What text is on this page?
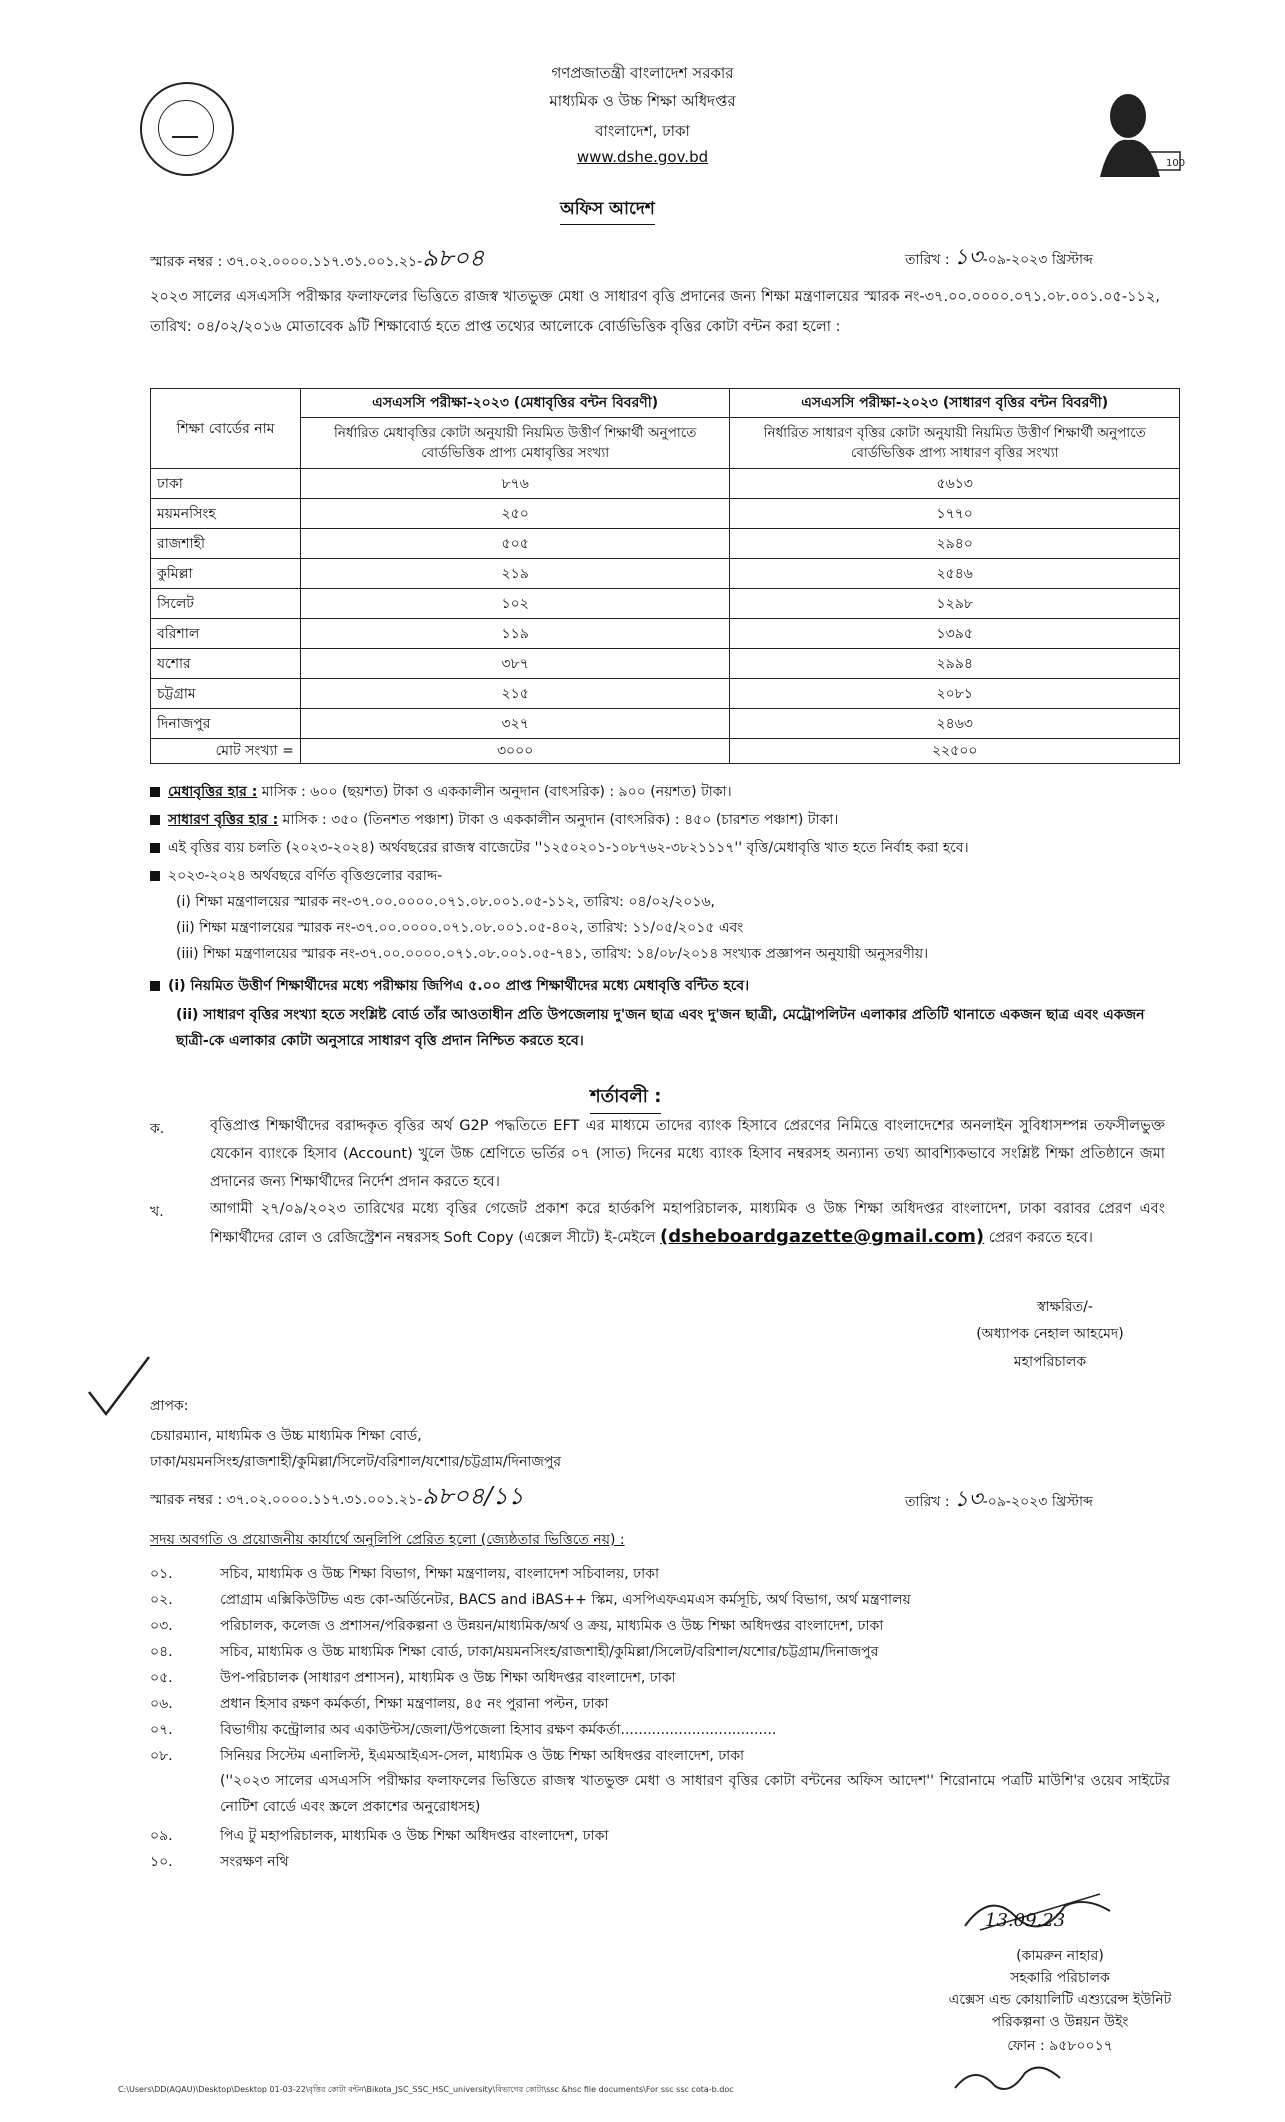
গণপ্রজাতন্ত্রী বাংলাদেশ সরকার
মাধ্যমিক ও উচ্চ শিক্ষা অধিদপ্তর
বাংলাদেশ, ঢাকা
www.dshe.gov.bd	100
অফিস আদেশ
স্মারক নম্বর : ৩৭.০২.০০০০.১১৭.৩১.০০১.২১-৯৮০৪	তারিখ : ১৩-০৯-২০২৩ খ্রিস্টাব্দ
২০২৩ সালের এসএসসি পরীক্ষার ফলাফলের ভিত্তিতে রাজস্ব খাতভুক্ত মেধা ও সাধারণ বৃত্তি প্রদানের জন্য শিক্ষা মন্ত্রণালয়ের স্মারক নং-৩৭.০০.০০০০.০৭১.০৮.০০১.০৫-১১২, তারিখ: ০৪/০২/২০১৬ মোতাবেক ৯টি শিক্ষাবোর্ড হতে প্রাপ্ত তথ্যের আলোকে বোর্ডভিত্তিক বৃত্তির কোটা বন্টন করা হলো :
শিক্ষা বোর্ডের নাম	এসএসসি পরীক্ষা-২০২৩ (মেধাবৃত্তির বন্টন বিবরণী)	এসএসসি পরীক্ষা-২০২৩ (সাধারণ বৃত্তির বন্টন বিবরণী)
	নির্ধারিত মেধাবৃত্তির কোটা অনুযায়ী নিয়মিত উত্তীর্ণ শিক্ষার্থী অনুপাতে বোর্ডভিত্তিক প্রাপ্য মেধাবৃত্তির সংখ্যা	নির্ধারিত সাধারণ বৃত্তির কোটা অনুযায়ী নিয়মিত উত্তীর্ণ শিক্ষার্থী অনুপাতে বোর্ডভিত্তিক প্রাপ্য সাধারণ বৃত্তির সংখ্যা
ঢাকা	৮৭৬	৫৬১৩
ময়মনসিংহ	২৫০	১৭৭০
রাজশাহী	৫০৫	২৯৪০
কুমিল্লা	২১৯	২৫৪৬
সিলেট	১০২	১২৯৮
বরিশাল	১১৯	১৩৯৫
যশোর	৩৮৭	২৯৯৪
চট্টগ্রাম	২১৫	২০৮১
দিনাজপুর	৩২৭	২৪৬৩
মোট সংখ্যা =	৩০০০	২২৫০০
মেধাবৃত্তির হার : মাসিক : ৬০০ (ছয়শত) টাকা ও এককালীন অনুদান (বাৎসরিক) : ৯০০ (নয়শত) টাকা।
সাধারণ বৃত্তির হার : মাসিক : ৩৫০ (তিনশত পঞ্চাশ) টাকা ও এককালীন অনুদান (বাৎসরিক) : ৪৫০ (চারশত পঞ্চাশ) টাকা।
এই বৃত্তির ব্যয় চলতি (২০২৩-২০২৪) অর্থবছরের রাজস্ব বাজেটের ''১২৫০২০১-১০৮৭৬২-৩৮২১১১৭'' বৃত্তি/মেধাবৃত্তি খাত হতে নির্বাহ করা হবে।
২০২৩-২০২৪ অর্থবছরে বর্ণিত বৃত্তিগুলোর বরাদ্দ-
(i) শিক্ষা মন্ত্রণালয়ের স্মারক নং-৩৭.০০.০০০০.০৭১.০৮.০০১.০৫-১১২, তারিখ: ০৪/০২/২০১৬,
(ii) শিক্ষা মন্ত্রণালয়ের স্মারক নং-৩৭.০০.০০০০.০৭১.০৮.০০১.০৫-৪০২, তারিখ: ১১/০৫/২০১৫ এবং
(iii) শিক্ষা মন্ত্রণালয়ের স্মারক নং-৩৭.০০.০০০০.০৭১.০৮.০০১.০৫-৭৪১, তারিখ: ১৪/০৮/২০১৪ সংখ্যক প্রজ্ঞাপন অনুযায়ী অনুসরণীয়।
(i) নিয়মিত উত্তীর্ণ শিক্ষার্থীদের মধ্যে পরীক্ষায় জিপিএ ৫.০০ প্রাপ্ত শিক্ষার্থীদের মধ্যে মেধাবৃত্তি বন্টিত হবে।
(ii) সাধারণ বৃত্তির সংখ্যা হতে সংশ্লিষ্ট বোর্ড তাঁর আওতাধীন প্রতি উপজেলায় দু'জন ছাত্র এবং দু'জন ছাত্রী, মেট্রোপলিটন এলাকার প্রতিটি থানাতে একজন ছাত্র এবং একজন ছাত্রী-কে এলাকার কোটা অনুসারে সাধারণ বৃত্তি প্রদান নিশ্চিত করতে হবে।
শর্তাবলী :
ক.	বৃত্তিপ্রাপ্ত শিক্ষার্থীদের বরাদ্দকৃত বৃত্তির অর্থ G2P পদ্ধতিতে EFT এর মাধ্যমে তাদের ব্যাংক হিসাবে প্রেরণের নিমিত্তে বাংলাদেশের অনলাইন সুবিধাসম্পন্ন তফসীলভুক্ত যেকোন ব্যাংকে হিসাব (Account) খুলে উচ্চ শ্রেণিতে ভর্তির ০৭ (সাত) দিনের মধ্যে ব্যাংক হিসাব নম্বরসহ অন্যান্য তথ্য আবশ্যিকভাবে সংশ্লিষ্ট শিক্ষা প্রতিষ্ঠানে জমা প্রদানের জন্য শিক্ষার্থীদের নির্দেশ প্রদান করতে হবে।
খ.	আগামী ২৭/০৯/২০২৩ তারিখের মধ্যে বৃত্তির গেজেট প্রকাশ করে হার্ডকপি মহাপরিচালক, মাধ্যমিক ও উচ্চ শিক্ষা অধিদপ্তর বাংলাদেশ, ঢাকা বরাবর প্রেরণ এবং শিক্ষার্থীদের রোল ও রেজিস্ট্রেশন নম্বরসহ Soft Copy (এক্সেল সীটে) ই-মেইলে (dsheboardgazette@gmail.com) প্রেরণ করতে হবে।
স্বাক্ষরিত/-
(অধ্যাপক নেহাল আহমেদ)
মহাপরিচালক
প্রাপক:
চেয়ারম্যান, মাধ্যমিক ও উচ্চ মাধ্যমিক শিক্ষা বোর্ড,
ঢাকা/ময়মনসিংহ/রাজশাহী/কুমিল্লা/সিলেট/বরিশাল/যশোর/চট্টগ্রাম/দিনাজপুর
স্মারক নম্বর : ৩৭.০২.০০০০.১১৭.৩১.০০১.২১-৯৮০৪/১১	তারিখ : ১৩-০৯-২০২৩ খ্রিস্টাব্দ
সদয় অবগতি ও প্রয়োজনীয় কার্যার্থে অনুলিপি প্রেরিত হলো (জ্যেষ্ঠতার ভিত্তিতে নয়) :
০১.	সচিব, মাধ্যমিক ও উচ্চ শিক্ষা বিভাগ, শিক্ষা মন্ত্রণালয়, বাংলাদেশ সচিবালয়, ঢাকা
০২.	প্রোগ্রাম এক্সিকিউটিভ এন্ড কো-অর্ডিনেটর, BACS and iBAS++ স্কিম, এসপিএফএমএস কর্মসূচি, অর্থ বিভাগ, অর্থ মন্ত্রণালয়
০৩.	পরিচালক, কলেজ ও প্রশাসন/পরিকল্পনা ও উন্নয়ন/মাধ্যমিক/অর্থ ও ক্রয়, মাধ্যমিক ও উচ্চ শিক্ষা অধিদপ্তর বাংলাদেশ, ঢাকা
০৪.	সচিব, মাধ্যমিক ও উচ্চ মাধ্যমিক শিক্ষা বোর্ড, ঢাকা/ময়মনসিংহ/রাজশাহী/কুমিল্লা/সিলেট/বরিশাল/যশোর/চট্টগ্রাম/দিনাজপুর
০৫.	উপ-পরিচালক (সাধারণ প্রশাসন), মাধ্যমিক ও উচ্চ শিক্ষা অধিদপ্তর বাংলাদেশ, ঢাকা
০৬.	প্রধান হিসাব রক্ষণ কর্মকর্তা, শিক্ষা মন্ত্রণালয়, ৪৫ নং পুরানা পল্টন, ঢাকা
০৭.	বিভাগীয় কন্ট্রোলার অব একাউন্টস/জেলা/উপজেলা হিসাব রক্ষণ কর্মকর্তা...................................
০৮.	সিনিয়র সিস্টেম এনালিস্ট, ইএমআইএস-সেল, মাধ্যমিক ও উচ্চ শিক্ষা অধিদপ্তর বাংলাদেশ, ঢাকা
(''২০২৩ সালের এসএসসি পরীক্ষার ফলাফলের ভিত্তিতে রাজস্ব খাতভুক্ত মেধা ও সাধারণ বৃত্তির কোটা বন্টনের অফিস আদেশ'' শিরোনামে পত্রটি মাউশি'র ওয়েব সাইটের নোটিশ বোর্ডে এবং স্ক্রলে প্রকাশের অনুরোধসহ)
০৯.	পিএ টু মহাপরিচালক, মাধ্যমিক ও উচ্চ শিক্ষা অধিদপ্তর বাংলাদেশ, ঢাকা
১০.	সংরক্ষণ নথি
13.09.23
(কামরুন নাহার)
সহকারি পরিচালক
এক্সেস এন্ড কোয়ালিটি এশ্যুরেন্স ইউনিট
পরিকল্পনা ও উন্নয়ন উইং
ফোন : ৯৫৮০০১৭
C:\Users\DD(AQAU)\Desktop\Desktop 01-03-22\বৃত্তির কোটা বন্টন\Bikota_JSC_SSC_HSC_university\বিভাগের কোটা\ssc &hsc file documents\For ssc ssc cota-b.doc
